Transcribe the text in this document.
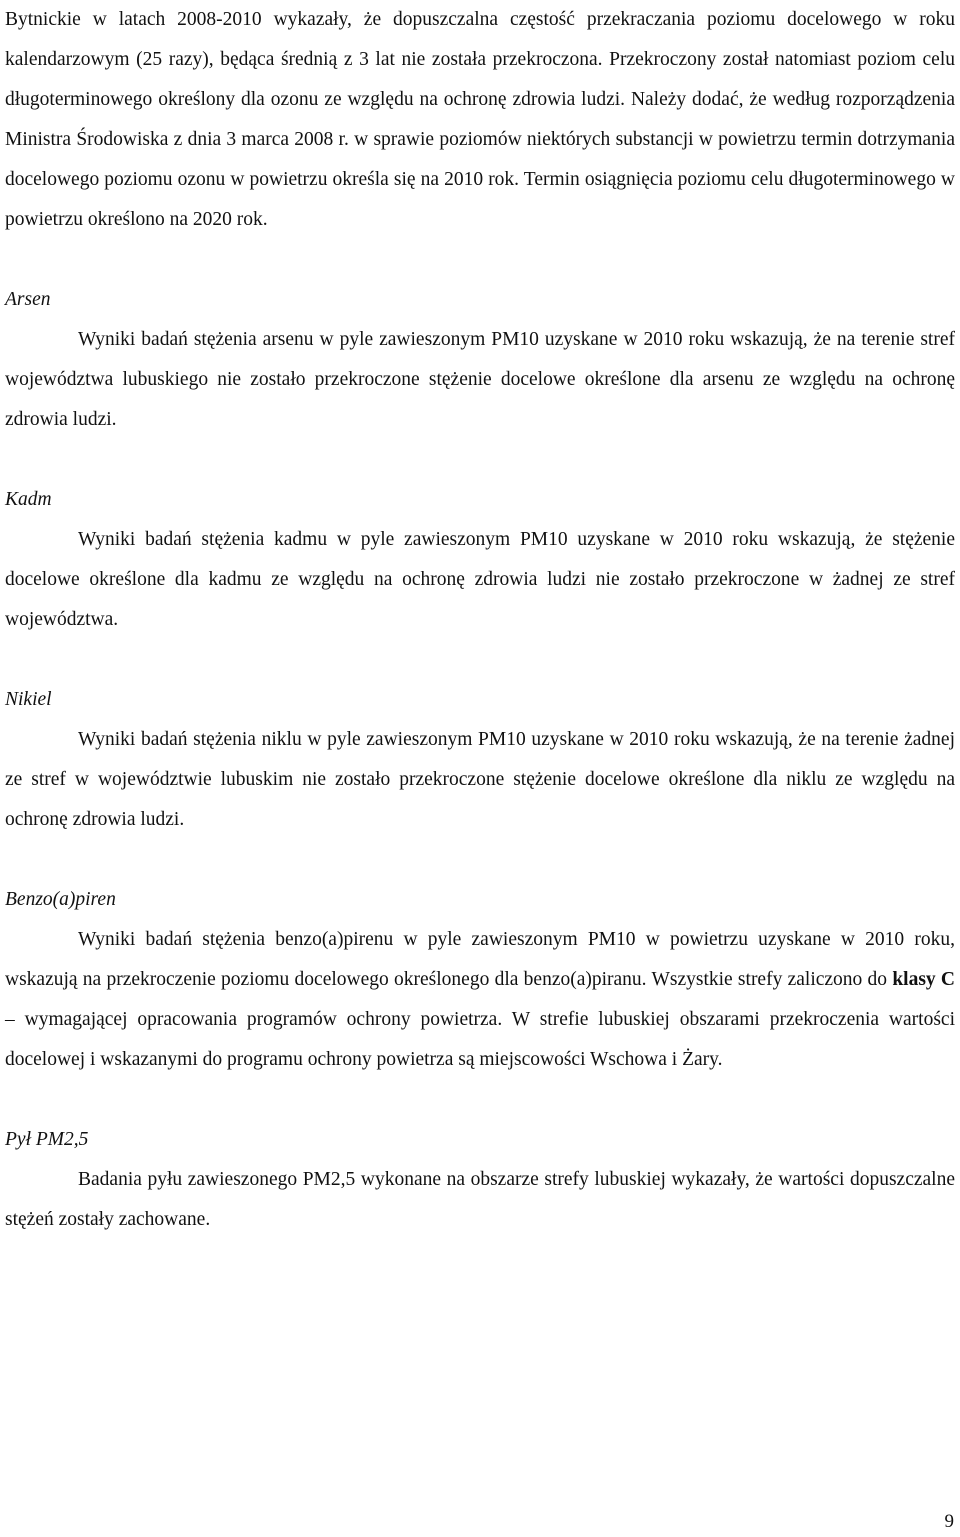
Bytnickie w latach 2008-2010 wykazały, że dopuszczalna częstość przekraczania poziomu docelowego w roku kalendarzowym (25 razy), będąca średnią z 3 lat nie została przekroczona. Przekroczony został natomiast poziom celu długoterminowego określony dla ozonu ze względu na ochronę zdrowia ludzi. Należy dodać, że według rozporządzenia Ministra Środowiska z dnia 3 marca 2008 r. w sprawie poziomów niektórych substancji w powietrzu termin dotrzymania docelowego poziomu ozonu w powietrzu określa się na 2010 rok. Termin osiągnięcia poziomu celu długoterminowego w powietrzu określono na 2020 rok.

Arsen

Wyniki badań stężenia arsenu w pyle zawieszonym PM10 uzyskane w 2010 roku wskazują, że na terenie stref województwa lubuskiego nie zostało przekroczone stężenie docelowe określone dla arsenu ze względu na ochronę zdrowia ludzi.

Kadm

Wyniki badań stężenia kadmu w pyle zawieszonym PM10 uzyskane w 2010 roku wskazują, że stężenie docelowe określone dla kadmu ze względu na ochronę zdrowia ludzi nie zostało przekroczone w żadnej ze stref województwa.

Nikiel

Wyniki badań stężenia niklu w pyle zawieszonym PM10 uzyskane w 2010 roku wskazują, że na terenie żadnej ze stref w województwie lubuskim nie zostało przekroczone stężenie docelowe określone dla niklu ze względu na ochronę zdrowia ludzi.

Benzo(a)piren

Wyniki badań stężenia benzo(a)pirenu w pyle zawieszonym PM10 w powietrzu uzyskane w 2010 roku, wskazują na przekroczenie poziomu docelowego określonego dla benzo(a)piranu. Wszystkie strefy zaliczono do klasy C – wymagającej opracowania programów ochrony powietrza. W strefie lubuskiej obszarami przekroczenia wartości docelowej i wskazanymi do programu ochrony powietrza są miejscowości Wschowa i Żary.

Pył PM2,5

Badania pyłu zawieszonego PM2,5 wykonane na obszarze strefy lubuskiej wykazały, że wartości dopuszczalne stężeń zostały zachowane.

9
